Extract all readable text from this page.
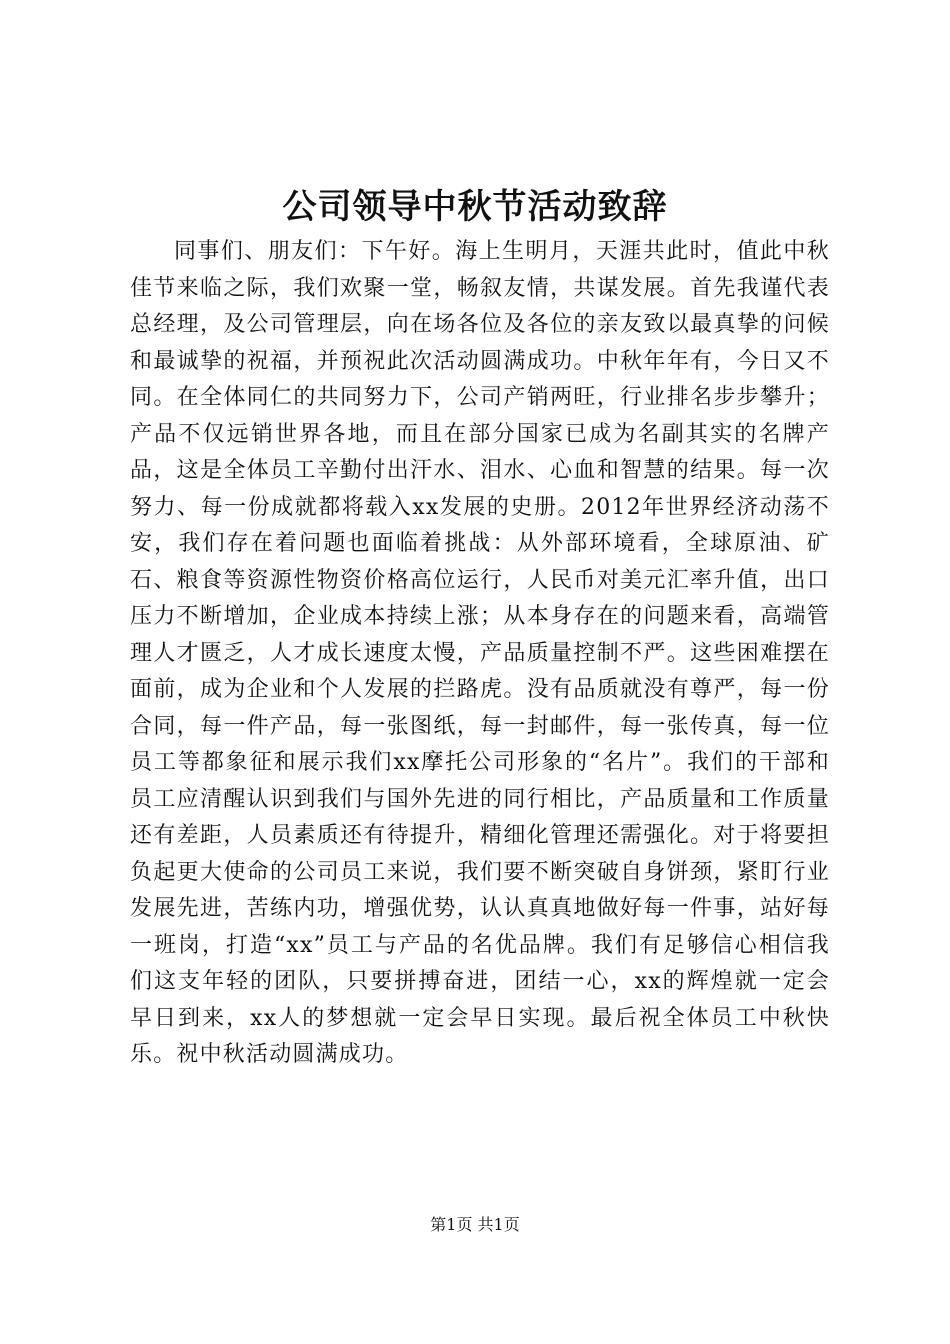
公司领导中秋节活动致辞

同事们、朋友们：下午好。海上生明月，天涯共此时，值此中秋佳节来临之际，我们欢聚一堂，畅叙友情，共谋发展。首先我谨代表总经理，及公司管理层，向在场各位及各位的亲友致以最真挚的问候和最诚挚的祝福，并预祝此次活动圆满成功。中秋年年有，今日又不同。在全体同仁的共同努力下，公司产销两旺，行业排名步步攀升；产品不仅远销世界各地，而且在部分国家已成为名副其实的名牌产品，这是全体员工辛勤付出汗水、泪水、心血和智慧的结果。每一次努力、每一份成就都将载入xx发展的史册。2012年世界经济动荡不安，我们存在着问题也面临着挑战：从外部环境看，全球原油、矿石、粮食等资源性物资价格高位运行，人民币对美元汇率升值，出口压力不断增加，企业成本持续上涨；从本身存在的问题来看，高端管理人才匮乏，人才成长速度太慢，产品质量控制不严。这些困难摆在面前，成为企业和个人发展的拦路虎。没有品质就没有尊严，每一份合同，每一件产品，每一张图纸，每一封邮件，每一张传真，每一位员工等都象征和展示我们xx摩托公司形象的“名片”。我们的干部和员工应清醒认识到我们与国外先进的同行相比，产品质量和工作质量还有差距，人员素质还有待提升，精细化管理还需强化。对于将要担负起更大使命的公司员工来说，我们要不断突破自身饼颈，紧盯行业发展先进，苦练内功，增强优势，认认真真地做好每一件事，站好每一班岗，打造“xx”员工与产品的名优品牌。我们有足够信心相信我们这支年轻的团队，只要拼搏奋进，团结一心，xx的辉煌就一定会早日到来，xx人的梦想就一定会早日实现。最后祝全体员工中秋快乐。祝中秋活动圆满成功。

第1页 共1页
